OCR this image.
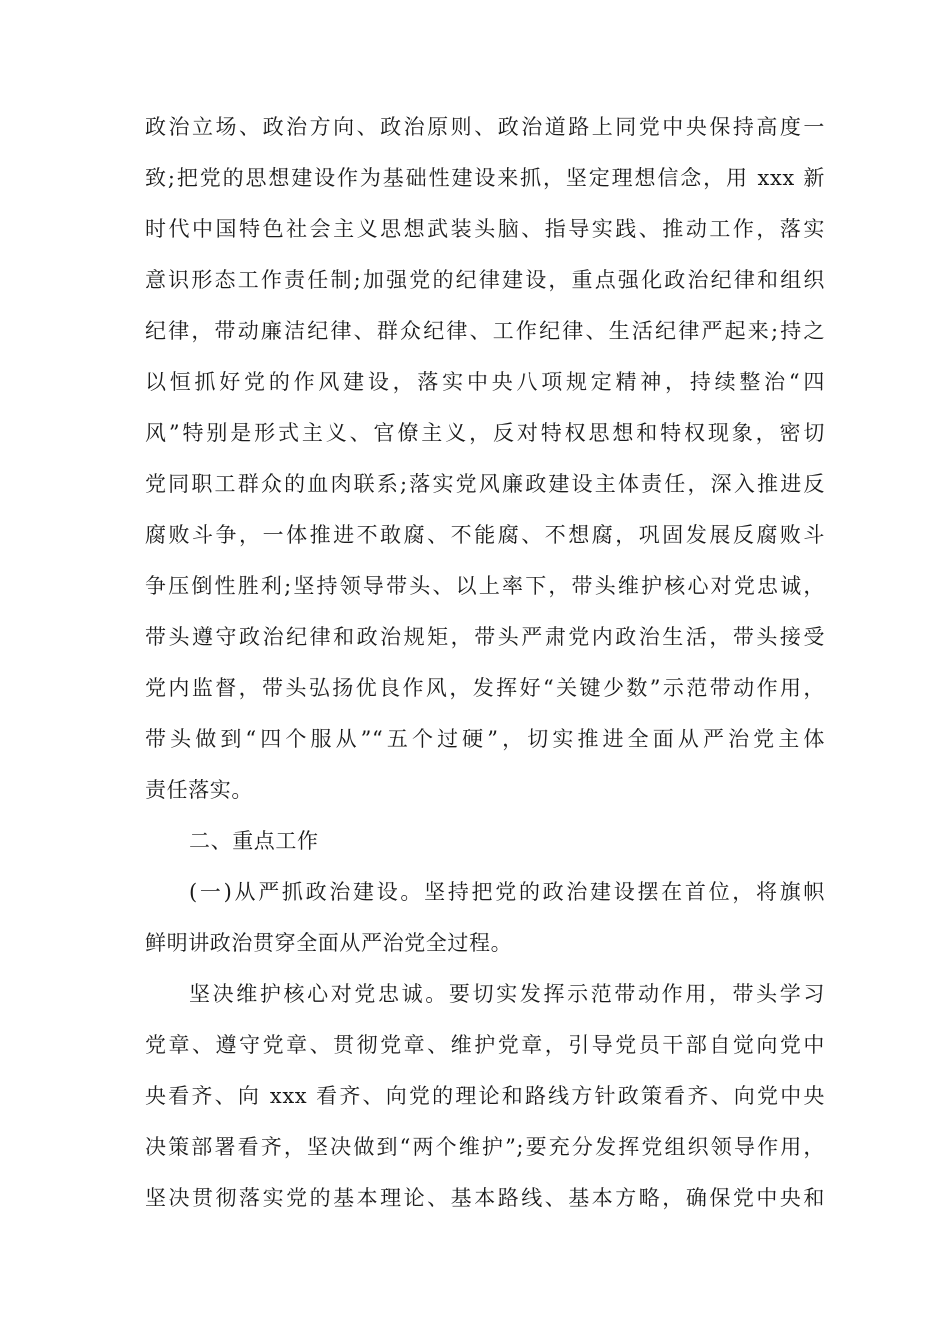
政治立场、政治方向、政治原则、政治道路上同党中央保持高度一
致;把党的思想建设作为基础性建设来抓，坚定理想信念，用 xxx 新
时代中国特色社会主义思想武装头脑、指导实践、推动工作，落实
意识形态工作责任制;加强党的纪律建设，重点强化政治纪律和组织
纪律，带动廉洁纪律、群众纪律、工作纪律、生活纪律严起来;持之
以恒抓好党的作风建设，落实中央八项规定精神，持续整治“四
风”特别是形式主义、官僚主义，反对特权思想和特权现象，密切
党同职工群众的血肉联系;落实党风廉政建设主体责任，深入推进反
腐败斗争，一体推进不敢腐、不能腐、不想腐，巩固发展反腐败斗
争压倒性胜利;坚持领导带头、以上率下，带头维护核心对党忠诚，
带头遵守政治纪律和政治规矩，带头严肃党内政治生活，带头接受
党内监督，带头弘扬优良作风，发挥好“关键少数”示范带动作用，
带头做到“四个服从”“五个过硬”，切实推进全面从严治党主体
责任落实。
二、重点工作
(一)从严抓政治建设。坚持把党的政治建设摆在首位，将旗帜
鲜明讲政治贯穿全面从严治党全过程。
坚决维护核心对党忠诚。要切实发挥示范带动作用，带头学习
党章、遵守党章、贯彻党章、维护党章，引导党员干部自觉向党中
央看齐、向 xxx 看齐、向党的理论和路线方针政策看齐、向党中央
决策部署看齐，坚决做到“两个维护”;要充分发挥党组织领导作用，
坚决贯彻落实党的基本理论、基本路线、基本方略，确保党中央和
